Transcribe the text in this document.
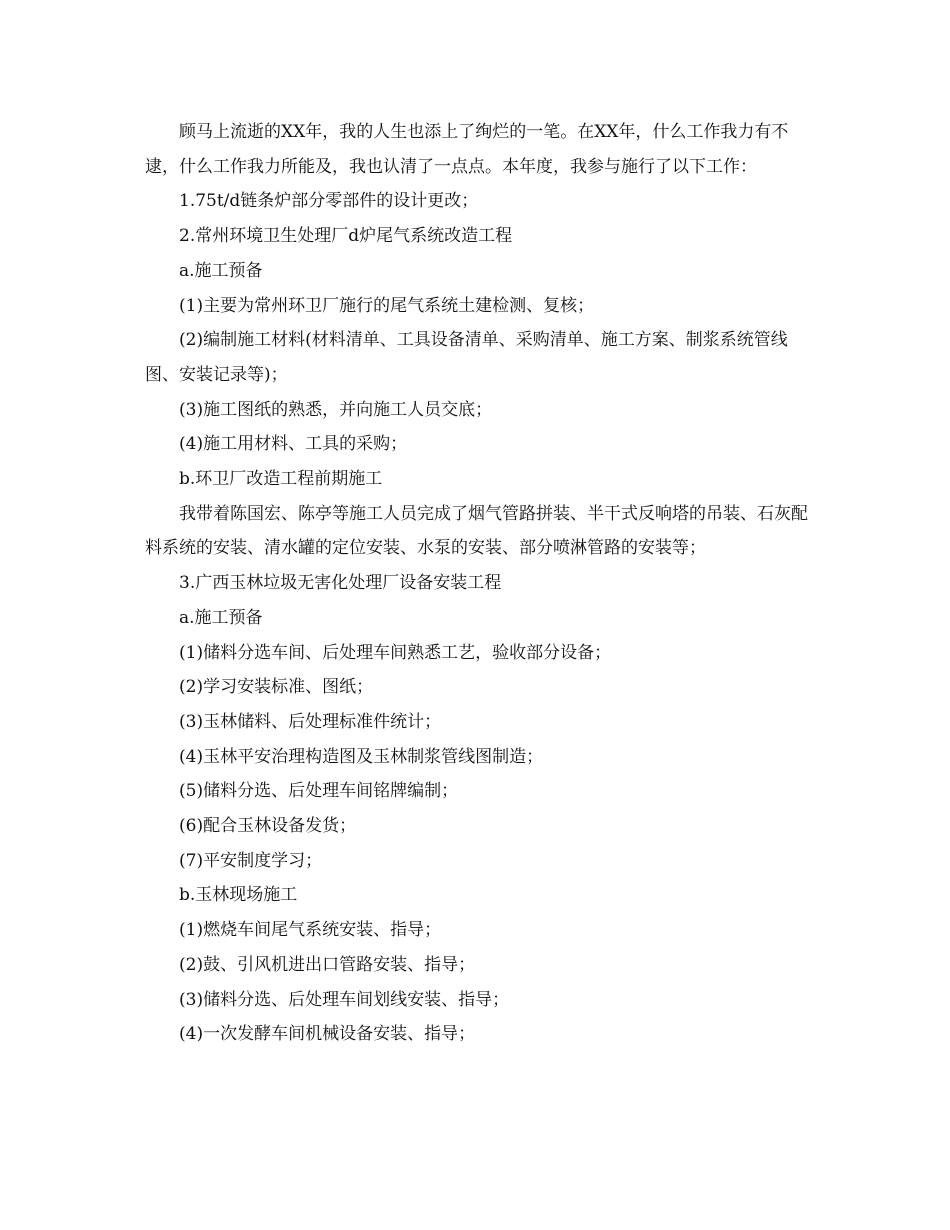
顾马上流逝的XX年，我的人生也添上了绚烂的一笔。在XX年，什么工作我力有不逮，什么工作我力所能及，我也认清了一点点。本年度，我参与施行了以下工作：

1.75t/d链条炉部分零部件的设计更改；

2.常州环境卫生处理厂d炉尾气系统改造工程

a.施工预备

(1)主要为常州环卫厂施行的尾气系统土建检测、复核；

(2)编制施工材料(材料清单、工具设备清单、采购清单、施工方案、制浆系统管线图、安装记录等)；

(3)施工图纸的熟悉，并向施工人员交底；

(4)施工用材料、工具的采购；

b.环卫厂改造工程前期施工

我带着陈国宏、陈亭等施工人员完成了烟气管路拼装、半干式反响塔的吊装、石灰配料系统的安装、清水罐的定位安装、水泵的安装、部分喷淋管路的安装等；

3.广西玉林垃圾无害化处理厂设备安装工程

a.施工预备

(1)储料分选车间、后处理车间熟悉工艺，验收部分设备；

(2)学习安装标准、图纸；

(3)玉林储料、后处理标准件统计；

(4)玉林平安治理构造图及玉林制浆管线图制造；

(5)储料分选、后处理车间铭牌编制；

(6)配合玉林设备发货；

(7)平安制度学习；

b.玉林现场施工

(1)燃烧车间尾气系统安装、指导；

(2)鼓、引风机进出口管路安装、指导；

(3)储料分选、后处理车间划线安装、指导；

(4)一次发酵车间机械设备安装、指导；
